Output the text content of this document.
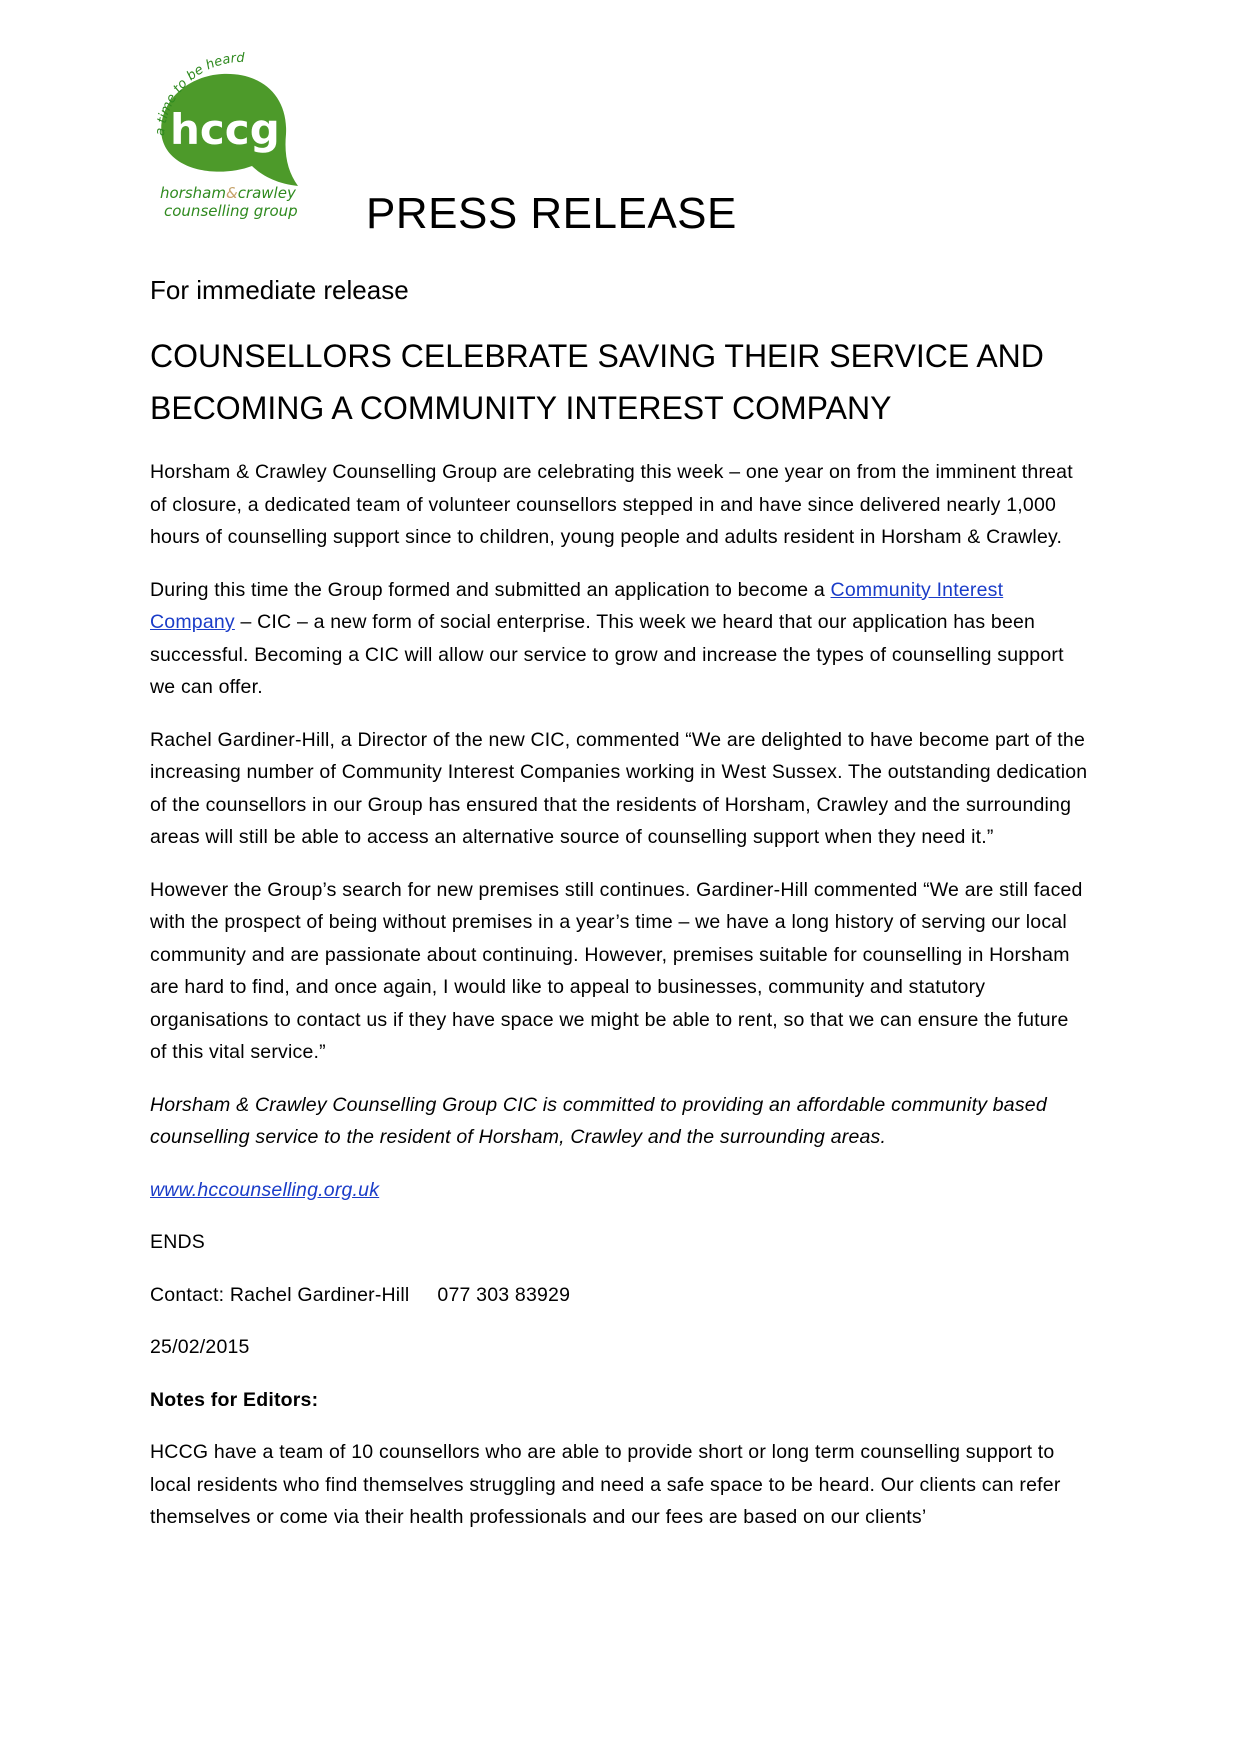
a time to be heard
hccg
horsham&crawley
counselling group PRESS RELEASE

For immediate release

COUNSELLORS CELEBRATE SAVING THEIR SERVICE AND
BECOMING A COMMUNITY INTEREST COMPANY

Horsham & Crawley Counselling Group are celebrating this week – one year on from the imminent threat of closure, a dedicated team of volunteer counsellors stepped in and have since delivered nearly 1,000 hours of counselling support since to children, young people and adults resident in Horsham & Crawley.

During this time the Group formed and submitted an application to become a Community Interest Company – CIC – a new form of social enterprise. This week we heard that our application has been successful. Becoming a CIC will allow our service to grow and increase the types of counselling support we can offer.

Rachel Gardiner-Hill, a Director of the new CIC, commented “We are delighted to have become part of the increasing number of Community Interest Companies working in West Sussex. The outstanding dedication of the counsellors in our Group has ensured that the residents of Horsham, Crawley and the surrounding areas will still be able to access an alternative source of counselling support when they need it.”

However the Group’s search for new premises still continues. Gardiner-Hill commented “We are still faced with the prospect of being without premises in a year’s time – we have a long history of serving our local community and are passionate about continuing. However, premises suitable for counselling in Horsham are hard to find, and once again, I would like to appeal to businesses, community and statutory organisations to contact us if they have space we might be able to rent, so that we can ensure the future of this vital service.”

Horsham & Crawley Counselling Group CIC is committed to providing an affordable community based counselling service to the resident of Horsham, Crawley and the surrounding areas.

www.hccounselling.org.uk

ENDS

Contact: Rachel Gardiner-Hill 077 303 83929

25/02/2015

Notes for Editors:

HCCG have a team of 10 counsellors who are able to provide short or long term counselling support to local residents who find themselves struggling and need a safe space to be heard. Our clients can refer themselves or come via their health professionals and our fees are based on our clients’
